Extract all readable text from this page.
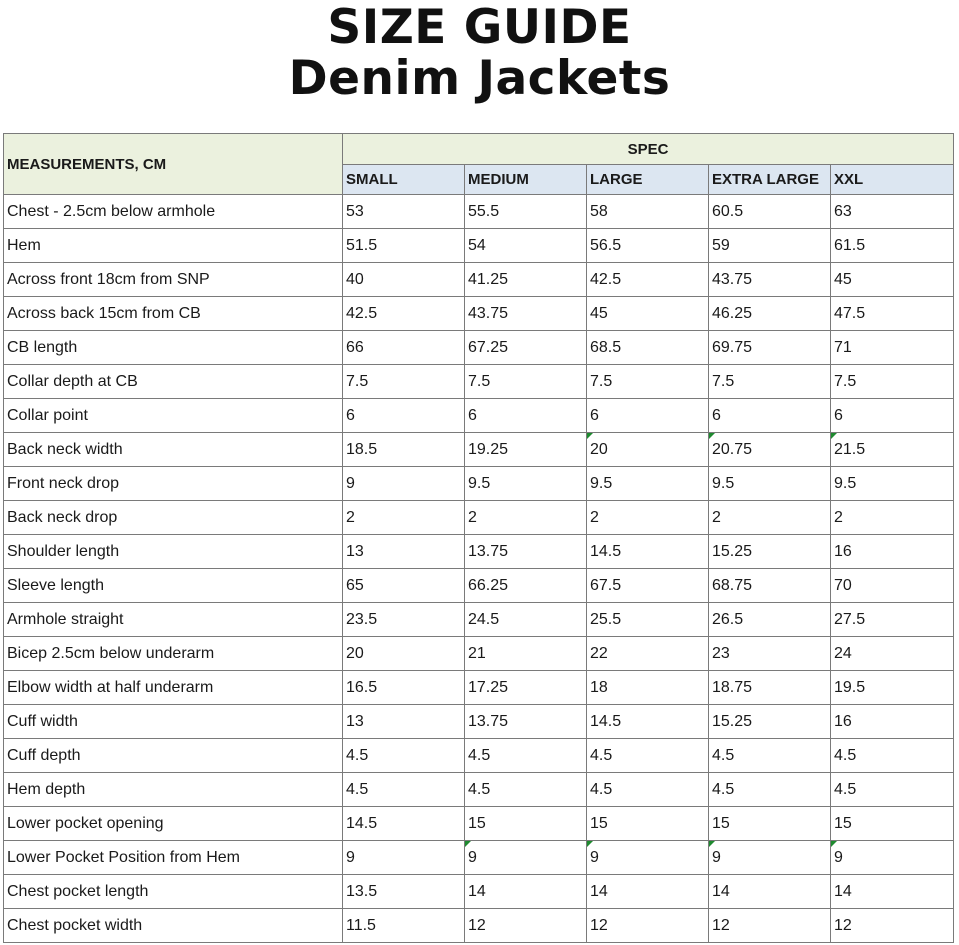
SIZE GUIDE
Denim Jackets
MEASUREMENTS, CM	SPEC				
	SMALL	MEDIUM	LARGE	EXTRA LARGE	XXL
Chest - 2.5cm below armhole	53	55.5	58	60.5	63
Hem	51.5	54	56.5	59	61.5
Across front 18cm from SNP	40	41.25	42.5	43.75	45
Across back 15cm from CB	42.5	43.75	45	46.25	47.5
CB length	66	67.25	68.5	69.75	71
Collar depth at CB	7.5	7.5	7.5	7.5	7.5
Collar point	6	6	6	6	6
Back neck width	18.5	19.25	20	20.75	21.5
Front neck drop	9	9.5	9.5	9.5	9.5
Back neck drop	2	2	2	2	2
Shoulder length	13	13.75	14.5	15.25	16
Sleeve length	65	66.25	67.5	68.75	70
Armhole straight	23.5	24.5	25.5	26.5	27.5
Bicep 2.5cm below underarm	20	21	22	23	24
Elbow width at half underarm	16.5	17.25	18	18.75	19.5
Cuff width	13	13.75	14.5	15.25	16
Cuff depth	4.5	4.5	4.5	4.5	4.5
Hem depth	4.5	4.5	4.5	4.5	4.5
Lower pocket opening	14.5	15	15	15	15
Lower Pocket Position from Hem	9	9	9	9	9
Chest pocket length	13.5	14	14	14	14
Chest pocket width	11.5	12	12	12	12
